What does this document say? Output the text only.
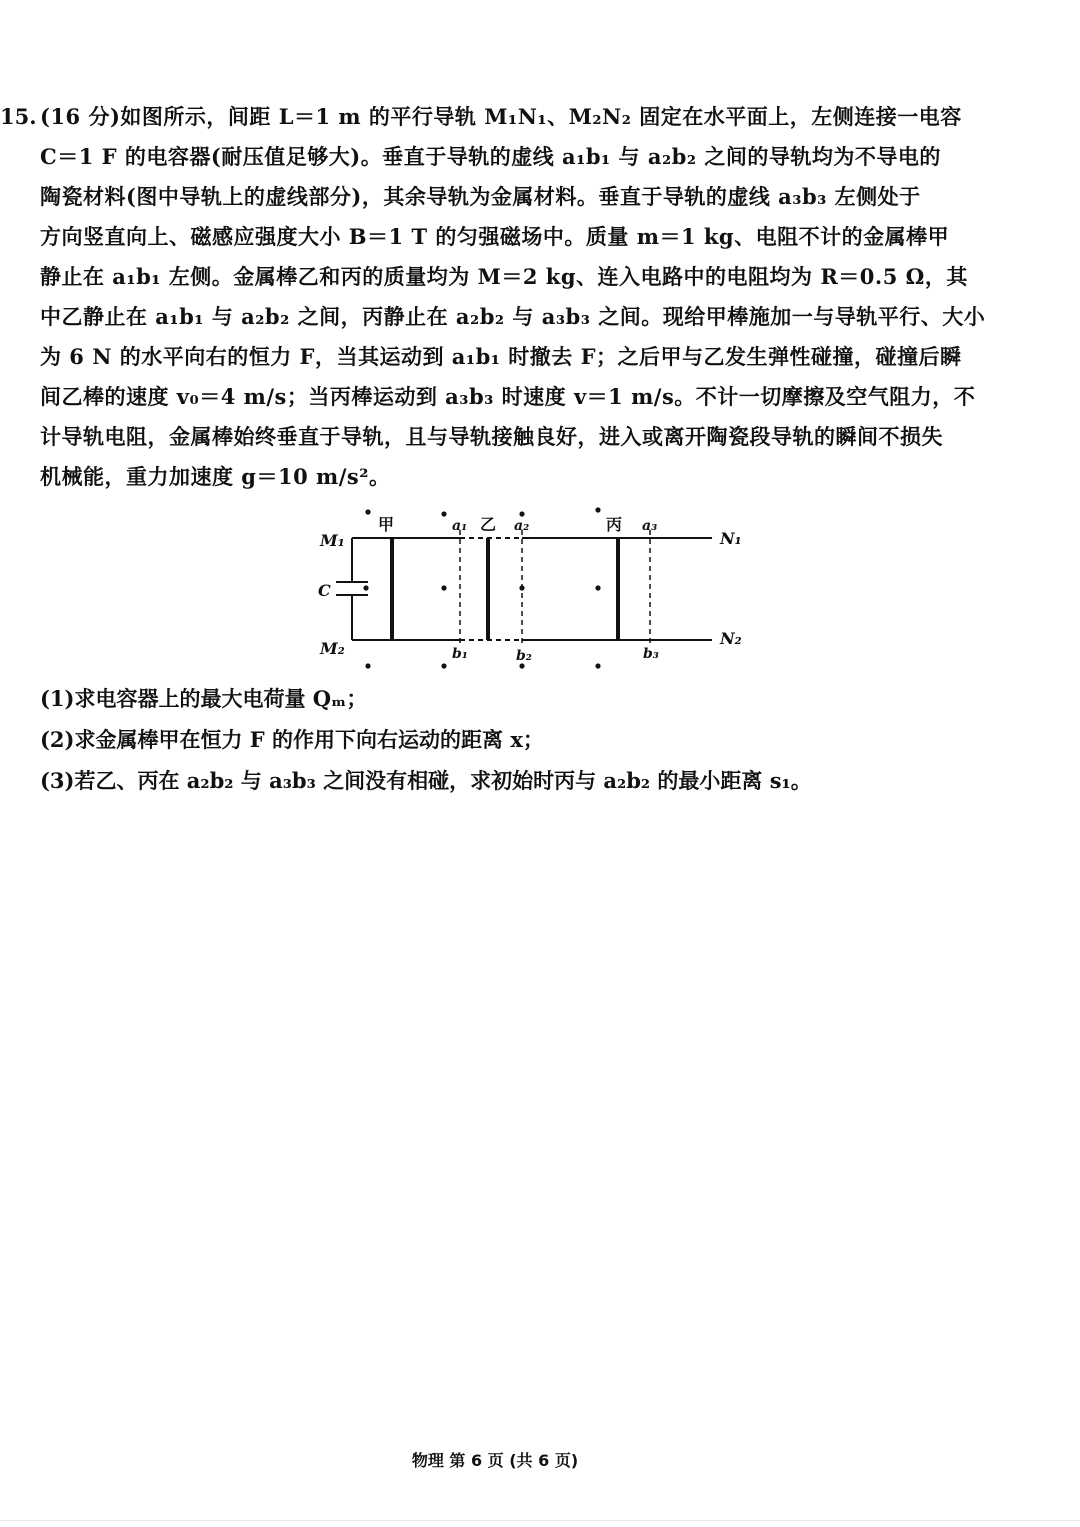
15. (16 分)如图所示，间距 L＝1 m 的平行导轨 M₁N₁、M₂N₂ 固定在水平面上，左侧连接一电容
C＝1 F 的电容器(耐压值足够大)。垂直于导轨的虚线 a₁b₁ 与 a₂b₂ 之间的导轨均为不导电的
陶瓷材料(图中导轨上的虚线部分)，其余导轨为金属材料。垂直于导轨的虚线 a₃b₃ 左侧处于
方向竖直向上、磁感应强度大小 B＝1 T 的匀强磁场中。质量 m＝1 kg、电阻不计的金属棒甲
静止在 a₁b₁ 左侧。金属棒乙和丙的质量均为 M＝2 kg、连入电路中的电阻均为 R＝0.5 Ω，其
中乙静止在 a₁b₁ 与 a₂b₂ 之间，丙静止在 a₂b₂ 与 a₃b₃ 之间。现给甲棒施加一与导轨平行、大小
为 6 N 的水平向右的恒力 F，当其运动到 a₁b₁ 时撤去 F；之后甲与乙发生弹性碰撞，碰撞后瞬
间乙棒的速度 v₀＝4 m/s；当丙棒运动到 a₃b₃ 时速度 v＝1 m/s。不计一切摩擦及空气阻力，不
计导轨电阻，金属棒始终垂直于导轨，且与导轨接触良好，进入或离开陶瓷段导轨的瞬间不损失
机械能，重力加速度 g＝10 m/s²。
M₁
M₂
C
N₁
N₂
a₁	a₂	a₃
b₁	b₂	b₃
甲	乙	丙
(1)求电容器上的最大电荷量 Qₘ；
(2)求金属棒甲在恒力 F 的作用下向右运动的距离 x；
(3)若乙、丙在 a₂b₂ 与 a₃b₃ 之间没有相碰，求初始时丙与 a₂b₂ 的最小距离 s₁。
物理 第 6 页 (共 6 页)
